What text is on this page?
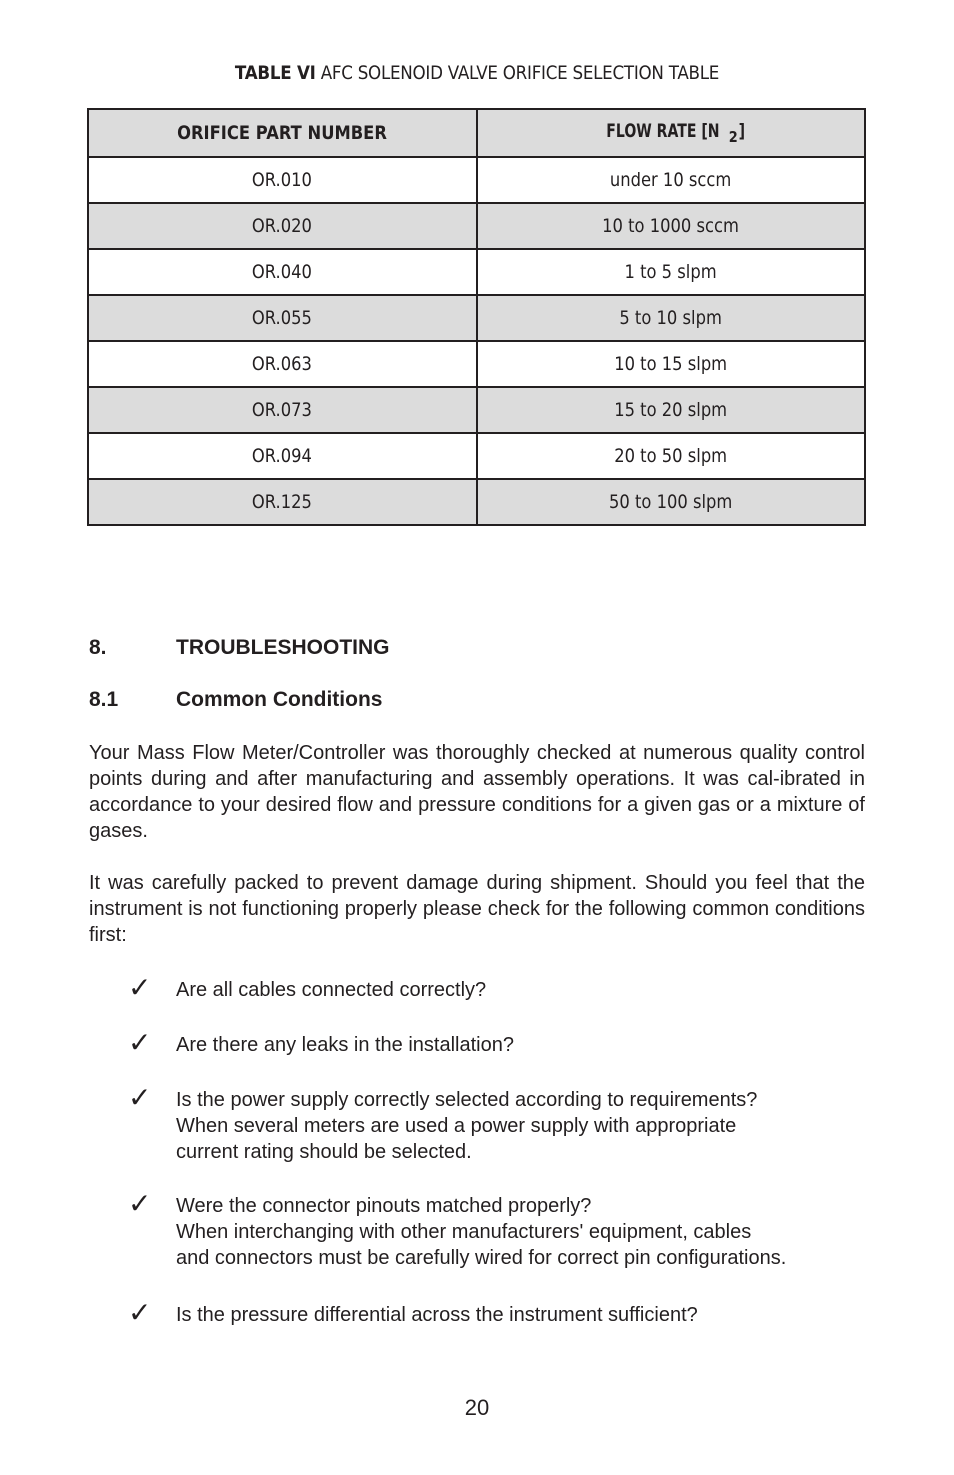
TABLE VI AFC SOLENOID VALVE ORIFICE SELECTION TABLE
ORIFICE PART NUMBER	FLOW RATE [N $_2$]
OR.010	under 10 sccm
OR.020	10 to 1000 sccm
OR.040	1 to 5 slpm
OR.055	5 to 10 slpm
OR.063	10 to 15 slpm
OR.073	15 to 20 slpm
OR.094	20 to 50 slpm
OR.125	50 to 100 slpm
8.	TROUBLESHOOTING
8.1	Common Conditions

Your Mass Flow Meter/Controller was thoroughly checked at numerous quality control points during and after manufacturing and assembly operations. It was cal-ibrated in accordance to your desired flow and pressure conditions for a given gas or a mixture of gases.

It was carefully packed to prevent damage during shipment. Should you feel that the instrument is not functioning properly please check for the following common conditions first:

✓ Are all cables connected correctly?
✓ Are there any leaks in the installation?
✓ Is the power supply correctly selected according to requirements?
When several meters are used a power supply with appropriate
current rating should be selected.
✓ Were the connector pinouts matched properly?
When interchanging with other manufacturers' equipment, cables
and connectors must be carefully wired for correct pin configurations.
✓ Is the pressure differential across the instrument sufficient?
20
